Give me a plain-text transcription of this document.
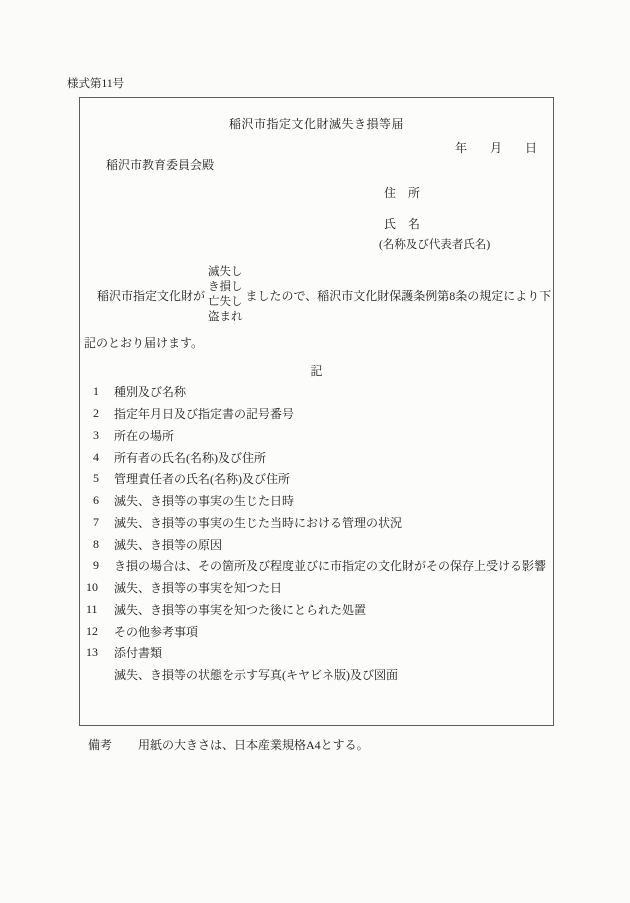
様式第11号
稲沢市指定文化財滅失き損等届
年 月 日
稲沢市教育委員会殿
住　所
氏　名
(名称及び代表者氏名)
稲沢市指定文化財が
滅失し
き損し
亡失し
盗まれ
ましたので、稲沢市文化財保護条例第8条の規定により下
記のとおり届けます。
記
1	種別及び名称
2	指定年月日及び指定書の記号番号
3	所在の場所
4	所有者の氏名(名称)及び住所
5	管理責任者の氏名(名称)及び住所
6	滅失、き損等の事実の生じた日時
7	滅失、き損等の事実の生じた当時における管理の状況
8	滅失、き損等の原因
9	き損の場合は、その箇所及び程度並びに市指定の文化財がその保存上受ける影響
10	滅失、き損等の事実を知つた日
11	滅失、き損等の事実を知つた後にとられた処置
12	その他参考事項
13	添付書類
滅失、き損等の状態を示す写真(キヤビネ版)及び図面
備考 用紙の大きさは、日本産業規格A4とする。
